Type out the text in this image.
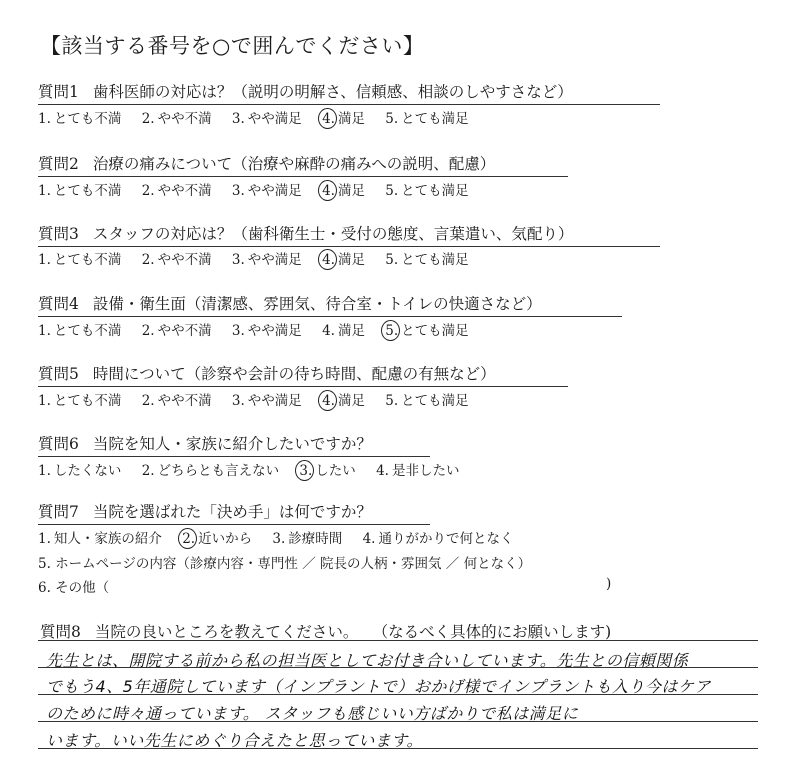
【該当する番号を○で囲んでください】
質問1 歯科医師の対応は？（説明の明解さ、信頼感、相談のしやすさなど）
1. とても不満 2. やや不満 3. やや満足 4. 満足 5. とても満足
質問2 治療の痛みについて（治療や麻酔の痛みへの説明、配慮）
1. とても不満 2. やや不満 3. やや満足 4. 満足 5. とても満足
質問3 スタッフの対応は？（歯科衛生士・受付の態度、言葉遣い、気配り）
1. とても不満 2. やや不満 3. やや満足 4. 満足 5. とても満足
質問4 設備・衛生面（清潔感、雰囲気、待合室・トイレの快適さなど）
1. とても不満 2. やや不満 3. やや満足 4. 満足 5. とても満足
質問5 時間について（診察や会計の待ち時間、配慮の有無など）
1. とても不満 2. やや不満 3. やや満足 4. 満足 5. とても満足
質問6 当院を知人・家族に紹介したいですか？
1. したくない 2. どちらとも言えない 3. したい 4. 是非したい
質問7 当院を選ばれた「決め手」は何ですか？
1. 知人・家族の紹介 2. 近いから 3. 診療時間 4. 通りがかりで何となく
5. ホームページの内容（診療内容・専門性 ／ 院長の人柄・雰囲気 ／ 何となく）
6. その他（	)
質問8 当院の良いところを教えてください。 （なるべく具体的にお願いします)
先生とは、開院する前から私の担当医としてお付き合いしています。先生との信頼関係
でもう4、5年通院しています（インプラントで）おかげ様でインプラントも入り今はケア
のために時々通っています。 スタッフも感じいい方ばかりで私は満足に
います。いい先生にめぐり合えたと思っています。
